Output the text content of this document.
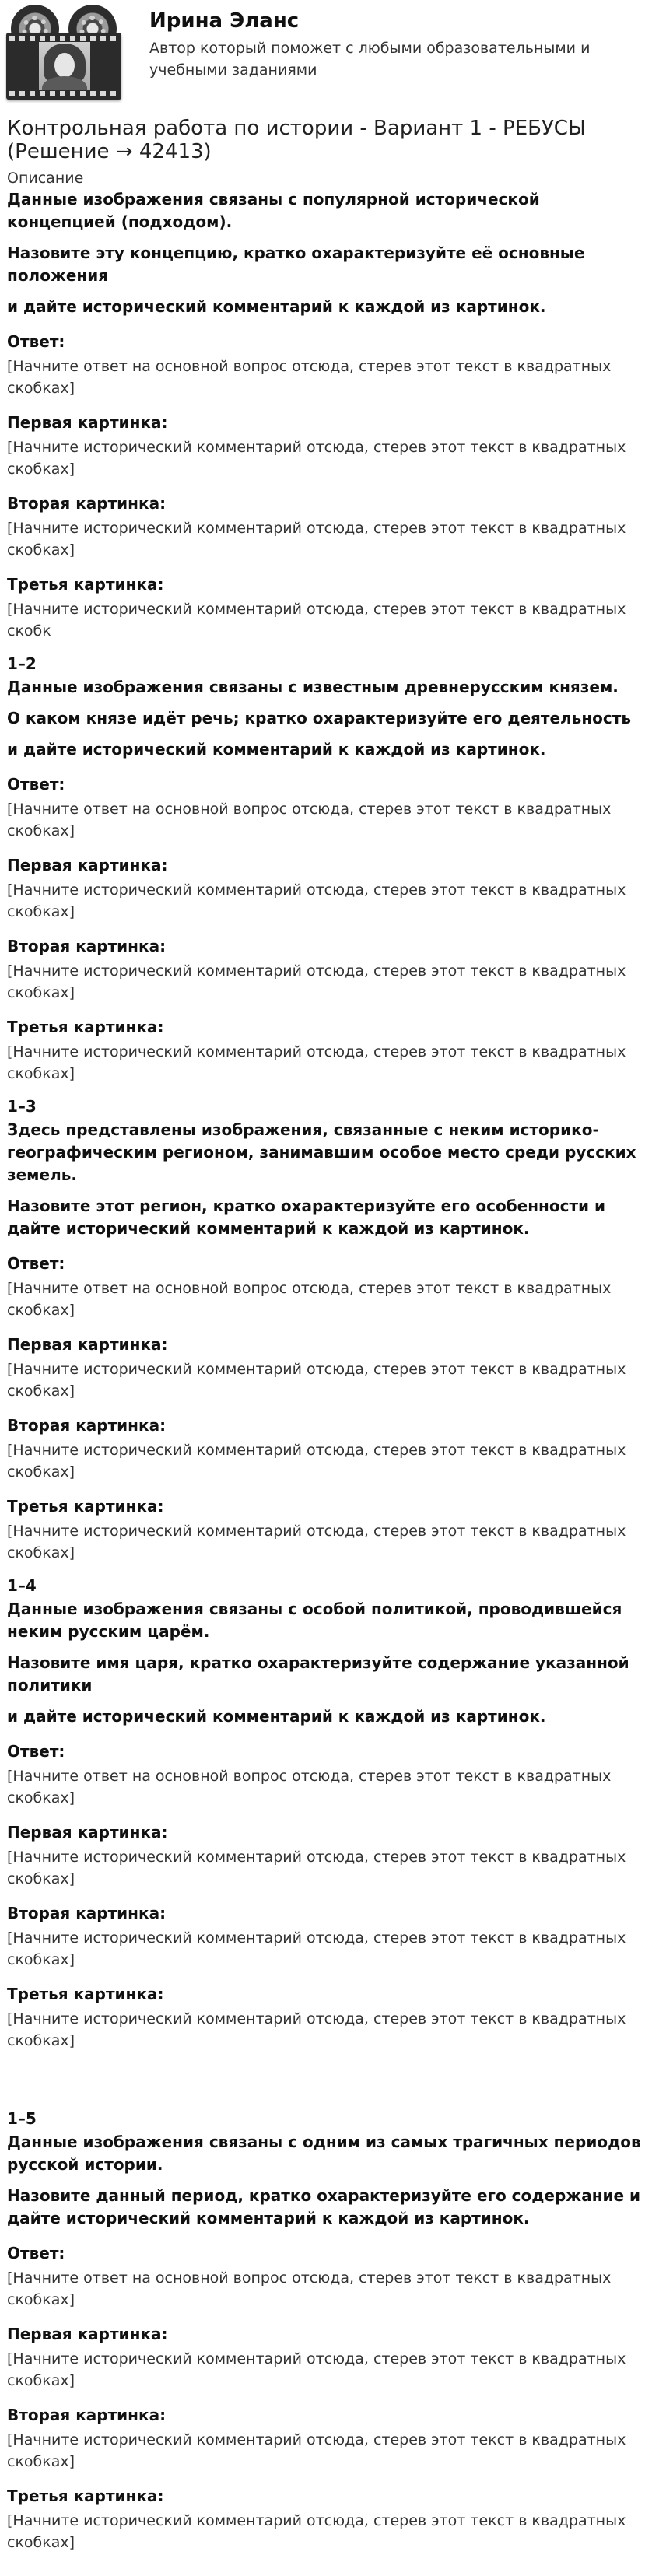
Ирина Эланс
Автор который поможет с любыми образовательными и учебными заданиями
Контрольная работа по истории - Вариант 1 - РЕБУСЫ (Решение → 42413)
Описание

Данные изображения связаны с популярной исторической концепцией (подходом).

Назовите эту концепцию, кратко охарактеризуйте её основные положения

и дайте исторический комментарий к каждой из картинок.

Ответ:
[Начните ответ на основной вопрос отсюда, стерев этот текст в квадратных скобках]
Первая картинка:
[Начните исторический комментарий отсюда, стерев этот текст в квадратных скобках]
Вторая картинка:
[Начните исторический комментарий отсюда, стерев этот текст в квадратных скобках]
Третья картинка:
[Начните исторический комментарий отсюда, стерев этот текст в квадратных скобк
1–2

Данные изображения связаны с известным древнерусским князем.

О каком князе идёт речь; кратко охарактеризуйте его деятельность

и дайте исторический комментарий к каждой из картинок.

Ответ:
[Начните ответ на основной вопрос отсюда, стерев этот текст в квадратных скобках]
Первая картинка:
[Начните исторический комментарий отсюда, стерев этот текст в квадратных скобках]
Вторая картинка:
[Начните исторический комментарий отсюда, стерев этот текст в квадратных скобках]
Третья картинка:
[Начните исторический комментарий отсюда, стерев этот текст в квадратных скобках]
1–3

Здесь представлены изображения, связанные с неким историко-географическим регионом, занимавшим особое место среди русских земель.

Назовите этот регион, кратко охарактеризуйте его особенности и дайте исторический комментарий к каждой из картинок.

Ответ:
[Начните ответ на основной вопрос отсюда, стерев этот текст в квадратных скобках]
Первая картинка:
[Начните исторический комментарий отсюда, стерев этот текст в квадратных скобках]
Вторая картинка:
[Начните исторический комментарий отсюда, стерев этот текст в квадратных скобках]
Третья картинка:
[Начните исторический комментарий отсюда, стерев этот текст в квадратных скобках]
1–4

Данные изображения связаны с особой политикой, проводившейся неким русским царём.

Назовите имя царя, кратко охарактеризуйте содержание указанной политики

и дайте исторический комментарий к каждой из картинок.

Ответ:
[Начните ответ на основной вопрос отсюда, стерев этот текст в квадратных скобках]
Первая картинка:
[Начните исторический комментарий отсюда, стерев этот текст в квадратных скобках]
Вторая картинка:
[Начните исторический комментарий отсюда, стерев этот текст в квадратных скобках]
Третья картинка:
[Начните исторический комментарий отсюда, стерев этот текст в квадратных скобках]
1–5

Данные изображения связаны с одним из самых трагичных периодов русской истории.

Назовите данный период, кратко охарактеризуйте его содержание и дайте исторический комментарий к каждой из картинок.

Ответ:
[Начните ответ на основной вопрос отсюда, стерев этот текст в квадратных скобках]
Первая картинка:
[Начните исторический комментарий отсюда, стерев этот текст в квадратных скобках]
Вторая картинка:
[Начните исторический комментарий отсюда, стерев этот текст в квадратных скобках]
Третья картинка:
[Начните исторический комментарий отсюда, стерев этот текст в квадратных скобках]
